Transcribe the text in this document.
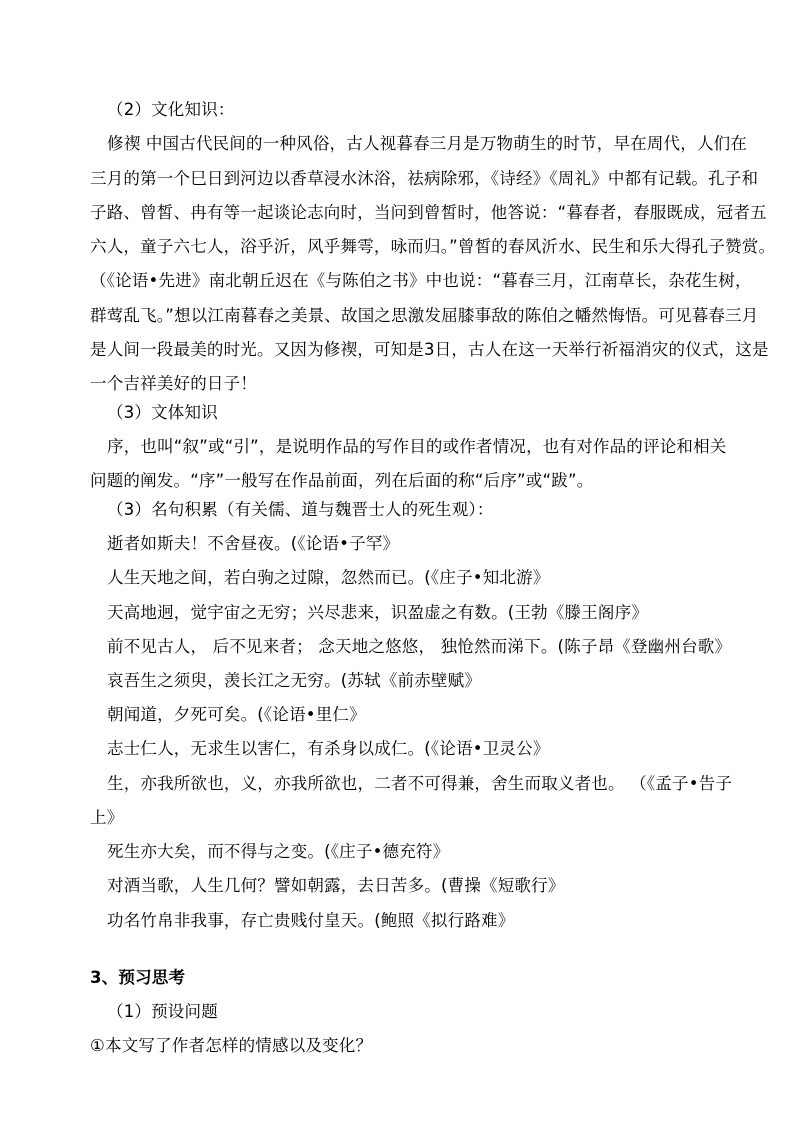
（2）文化知识：
修禊 中国古代民间的一种风俗，古人视暮春三月是万物萌生的时节，早在周代，人们在
三月的第一个巳日到河边以香草浸水沐浴，祛病除邪，《诗经》《周礼》中都有记载。孔子和
子路、曾皙、冉有等一起谈论志向时，当问到曾皙时，他答说：“暮春者，春服既成，冠者五
六人，童子六七人，浴乎沂，风乎舞雩，咏而归。”曾皙的春风沂水、民生和乐大得孔子赞赏。
（《论语•先进》南北朝丘迟在《与陈伯之书》中也说：“暮春三月，江南草长，杂花生树，
群莺乱飞。”想以江南暮春之美景、故国之思激发屈膝事敌的陈伯之幡然悔悟。可见暮春三月
是人间一段最美的时光。又因为修禊，可知是3日，古人在这一天举行祈福消灾的仪式，这是
一个吉祥美好的日子！
（3）文体知识
序，也叫“叙”或“引”，是说明作品的写作目的或作者情况，也有对作品的评论和相关
问题的阐发。“序”一般写在作品前面，列在后面的称“后序”或“跋”。
（3）名句积累（有关儒、道与魏晋士人的死生观）：
逝者如斯夫！不舍昼夜。(《论语•子罕》
人生天地之间，若白驹之过隙，忽然而已。(《庄子•知北游》
天高地迥，觉宇宙之无穷；兴尽悲来，识盈虚之有数。(王勃《滕王阁序》
前不见古人， 后不见来者； 念天地之悠悠， 独怆然而涕下。(陈子昂《登幽州台歌》
哀吾生之须臾，羡长江之无穷。(苏轼《前赤壁赋》
朝闻道，夕死可矣。(《论语•里仁》
志士仁人，无求生以害仁，有杀身以成仁。(《论语•卫灵公》
生，亦我所欲也，义，亦我所欲也，二者不可得兼，舍生而取义者也。 （《孟子•告子
上》
死生亦大矣，而不得与之变。(《庄子•德充符》
对酒当歌，人生几何？譬如朝露，去日苦多。(曹操《短歌行》
功名竹帛非我事，存亡贵贱付皇天。(鲍照《拟行路难》
3、预习思考
（1）预设问题
①本文写了作者怎样的情感以及变化？
